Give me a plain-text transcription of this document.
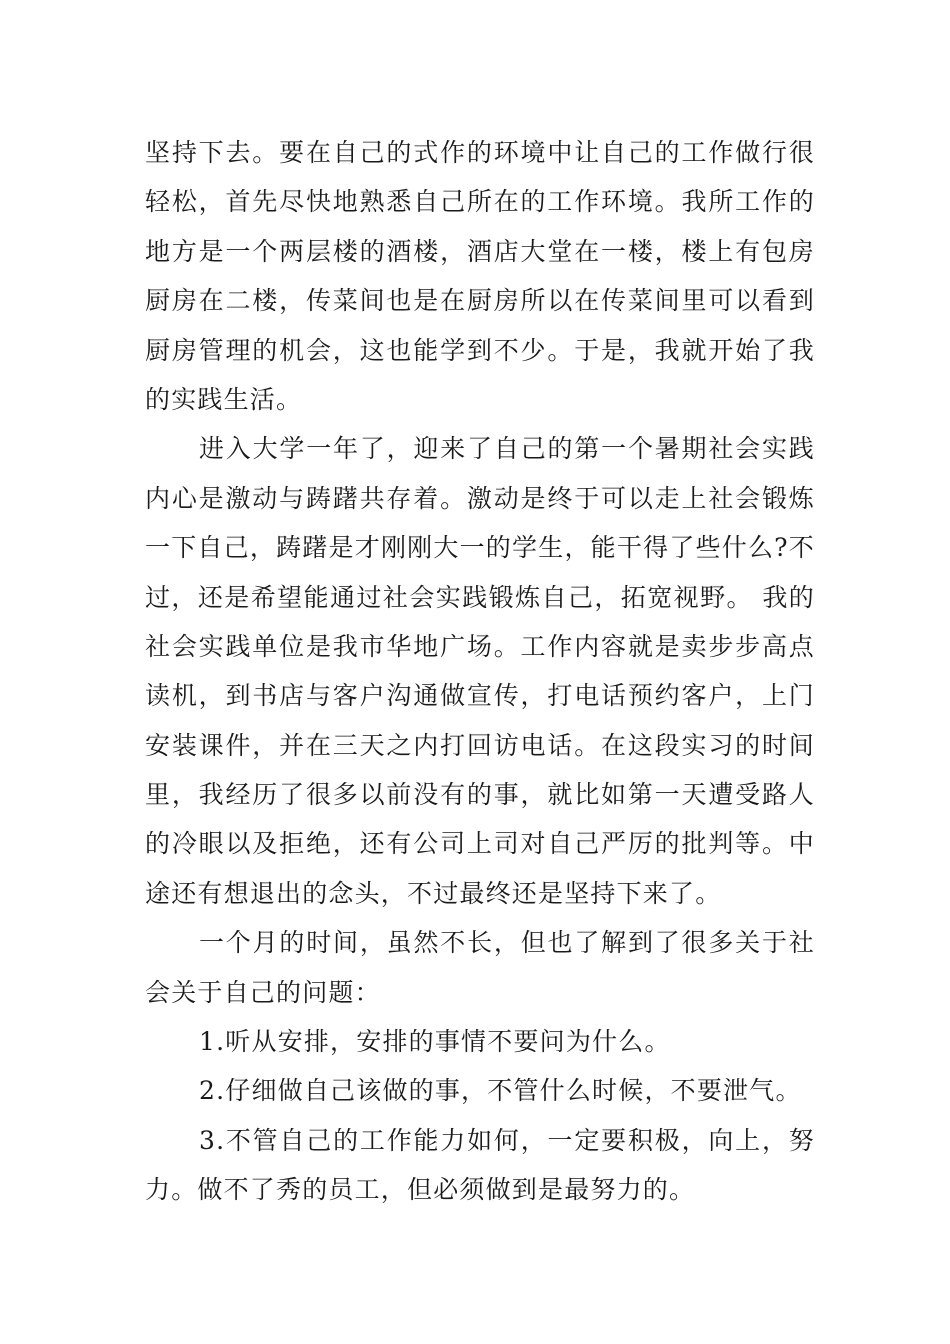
坚持下去。要在自己的式作的环境中让自己的工作做行很
轻松，首先尽快地熟悉自己所在的工作环境。我所工作的
地方是一个两层楼的酒楼，酒店大堂在一楼，楼上有包房
厨房在二楼，传菜间也是在厨房所以在传菜间里可以看到
厨房管理的机会，这也能学到不少。于是，我就开始了我
的实践生活。
进入大学一年了，迎来了自己的第一个暑期社会实践
内心是激动与踌躇共存着。激动是终于可以走上社会锻炼
一下自己，踌躇是才刚刚大一的学生，能干得了些什么?不
过，还是希望能通过社会实践锻炼自己，拓宽视野。 我的
社会实践单位是我市华地广场。工作内容就是卖步步高点
读机，到书店与客户沟通做宣传，打电话预约客户，上门
安装课件，并在三天之内打回访电话。在这段实习的时间
里，我经历了很多以前没有的事，就比如第一天遭受路人
的冷眼以及拒绝，还有公司上司对自己严厉的批判等。中
途还有想退出的念头，不过最终还是坚持下来了。
一个月的时间，虽然不长，但也了解到了很多关于社
会关于自己的问题：
1.听从安排，安排的事情不要问为什么。
2.仔细做自己该做的事，不管什么时候，不要泄气。
3.不管自己的工作能力如何，一定要积极，向上，努
力。做不了秀的员工，但必须做到是最努力的。
